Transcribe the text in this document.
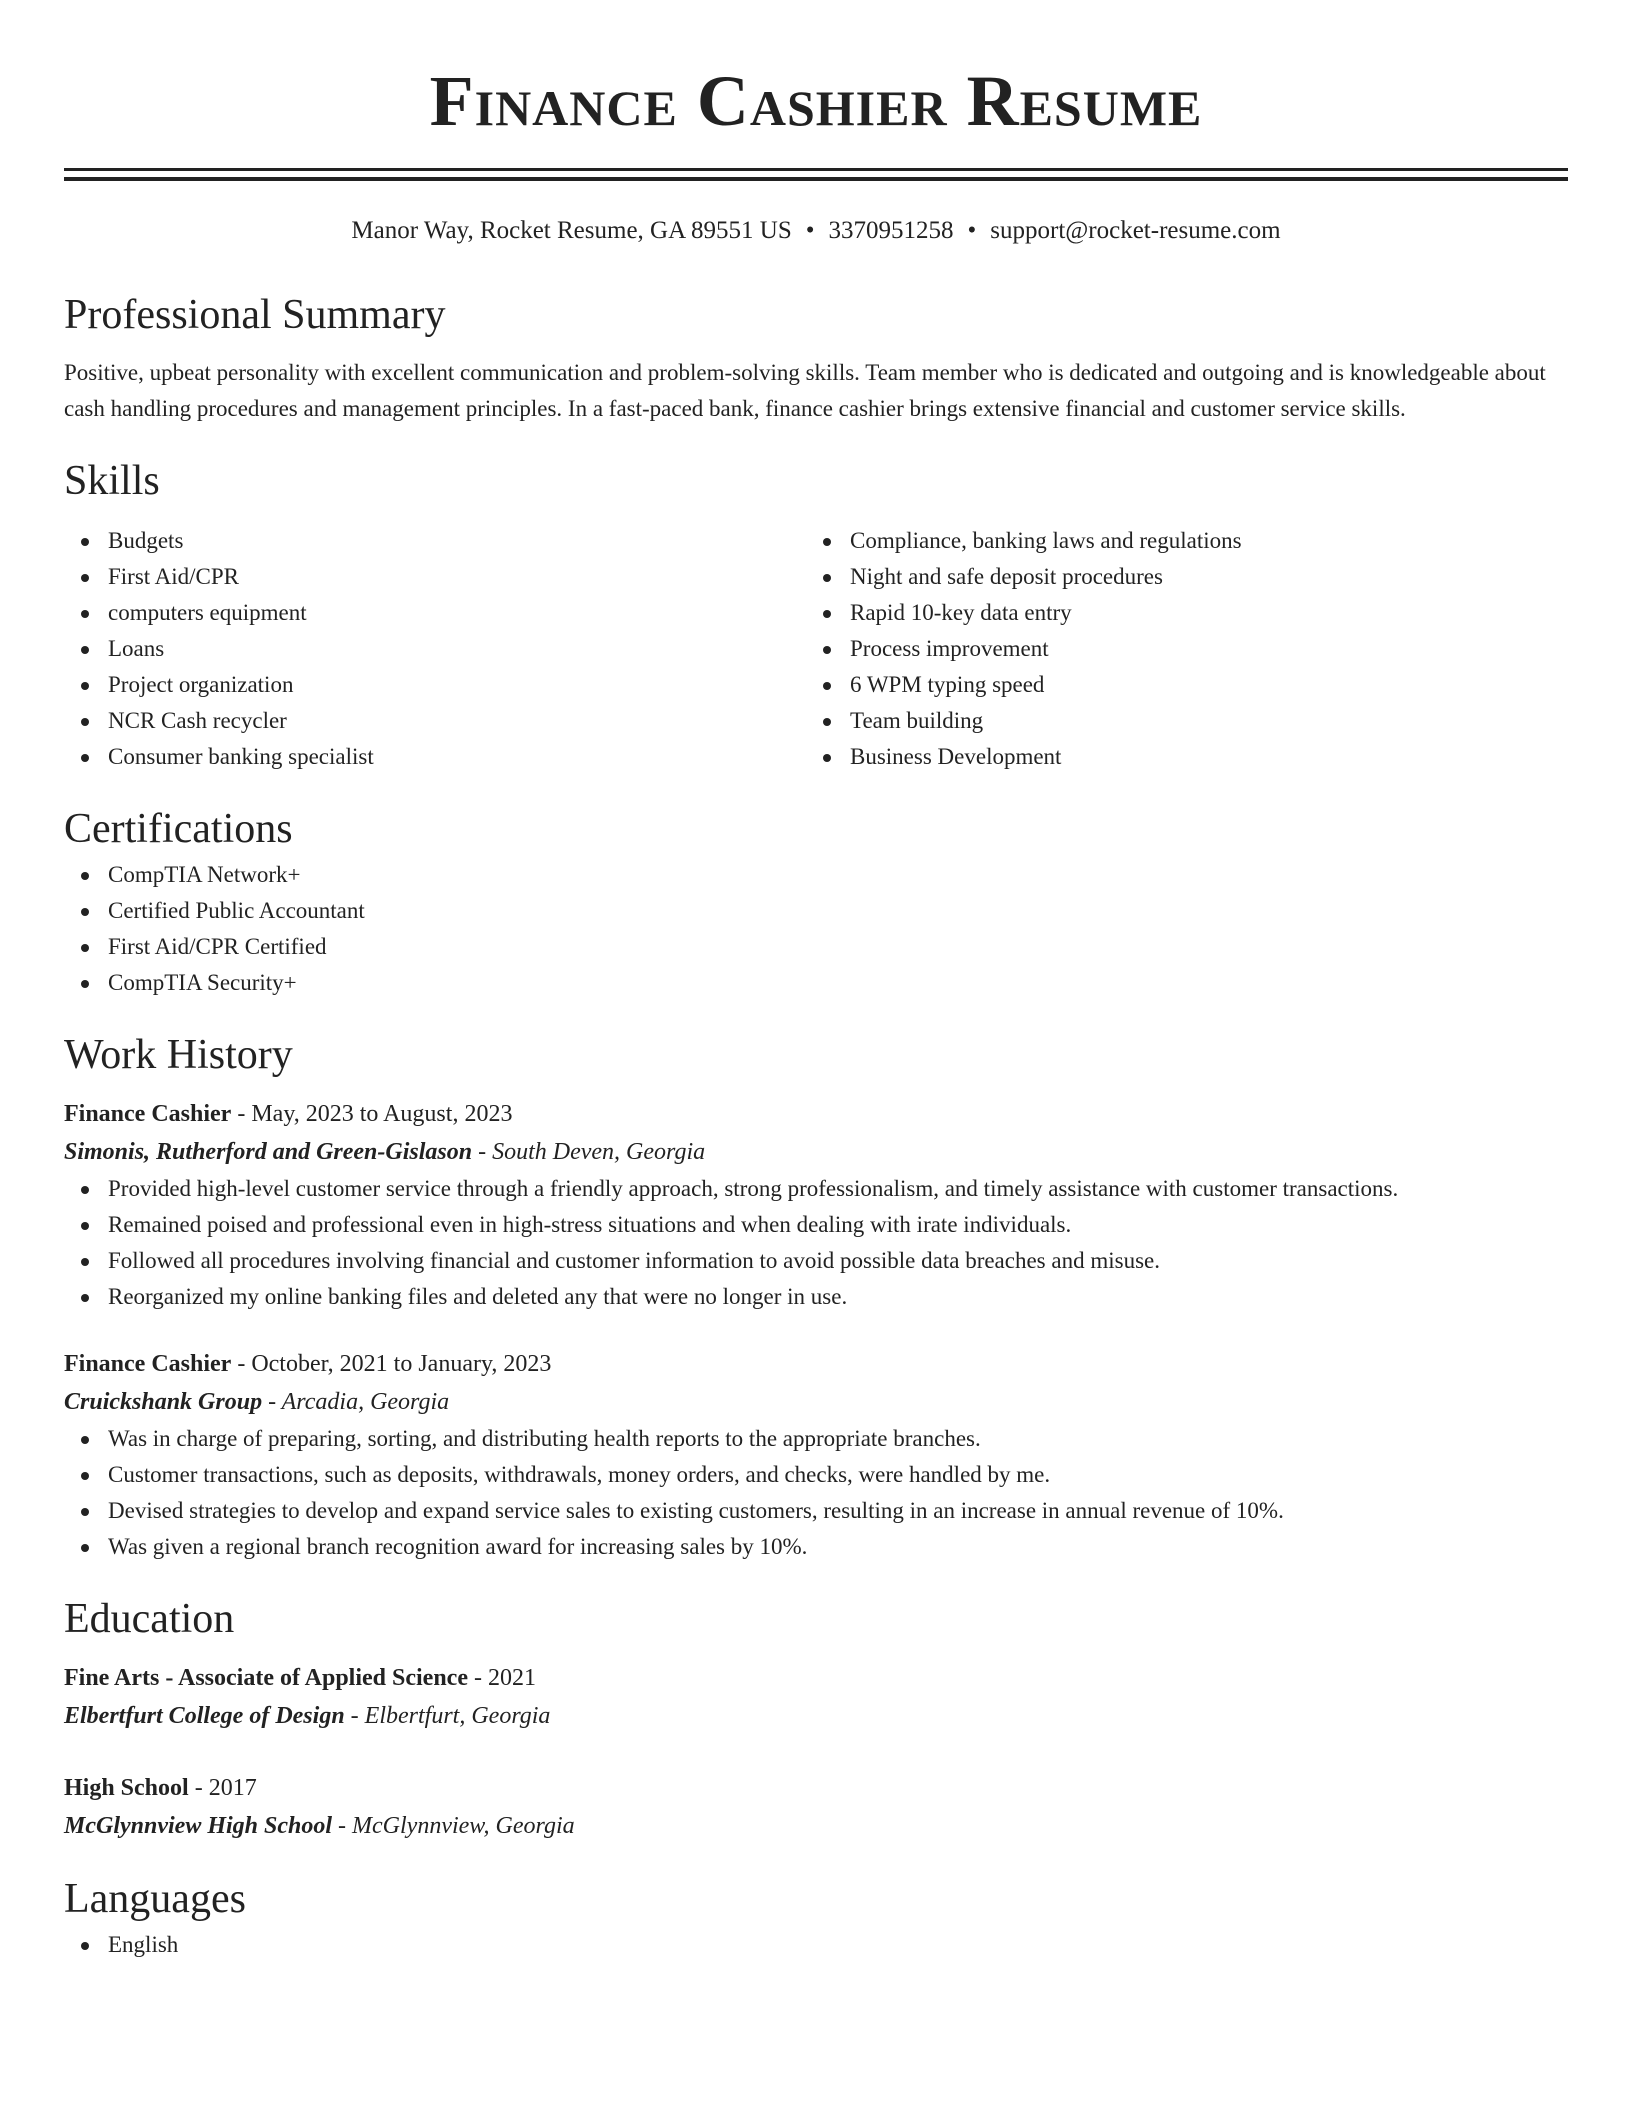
Finance Cashier Resume
Manor Way, Rocket Resume, GA 89551 US • 3370951258 • support@rocket-resume.com
Professional Summary
Positive, upbeat personality with excellent communication and problem-solving skills. Team member who is dedicated and outgoing and is knowledgeable about cash handling procedures and management principles. In a fast-paced bank, finance cashier brings extensive financial and customer service skills.
Skills
Budgets
First Aid/CPR
computers equipment
Loans
Project organization
NCR Cash recycler
Consumer banking specialist
Compliance, banking laws and regulations
Night and safe deposit procedures
Rapid 10-key data entry
Process improvement
6 WPM typing speed
Team building
Business Development
Certifications
CompTIA Network+
Certified Public Accountant
First Aid/CPR Certified
CompTIA Security+
Work History
Finance Cashier - May, 2023 to August, 2023
Simonis, Rutherford and Green-Gislason - South Deven, Georgia
Provided high-level customer service through a friendly approach, strong professionalism, and timely assistance with customer transactions.
Remained poised and professional even in high-stress situations and when dealing with irate individuals.
Followed all procedures involving financial and customer information to avoid possible data breaches and misuse.
Reorganized my online banking files and deleted any that were no longer in use.
Finance Cashier - October, 2021 to January, 2023
Cruickshank Group - Arcadia, Georgia
Was in charge of preparing, sorting, and distributing health reports to the appropriate branches.
Customer transactions, such as deposits, withdrawals, money orders, and checks, were handled by me.
Devised strategies to develop and expand service sales to existing customers, resulting in an increase in annual revenue of 10%.
Was given a regional branch recognition award for increasing sales by 10%.
Education
Fine Arts - Associate of Applied Science - 2021
Elbertfurt College of Design - Elbertfurt, Georgia
High School - 2017
McGlynnview High School - McGlynnview, Georgia
Languages
English
